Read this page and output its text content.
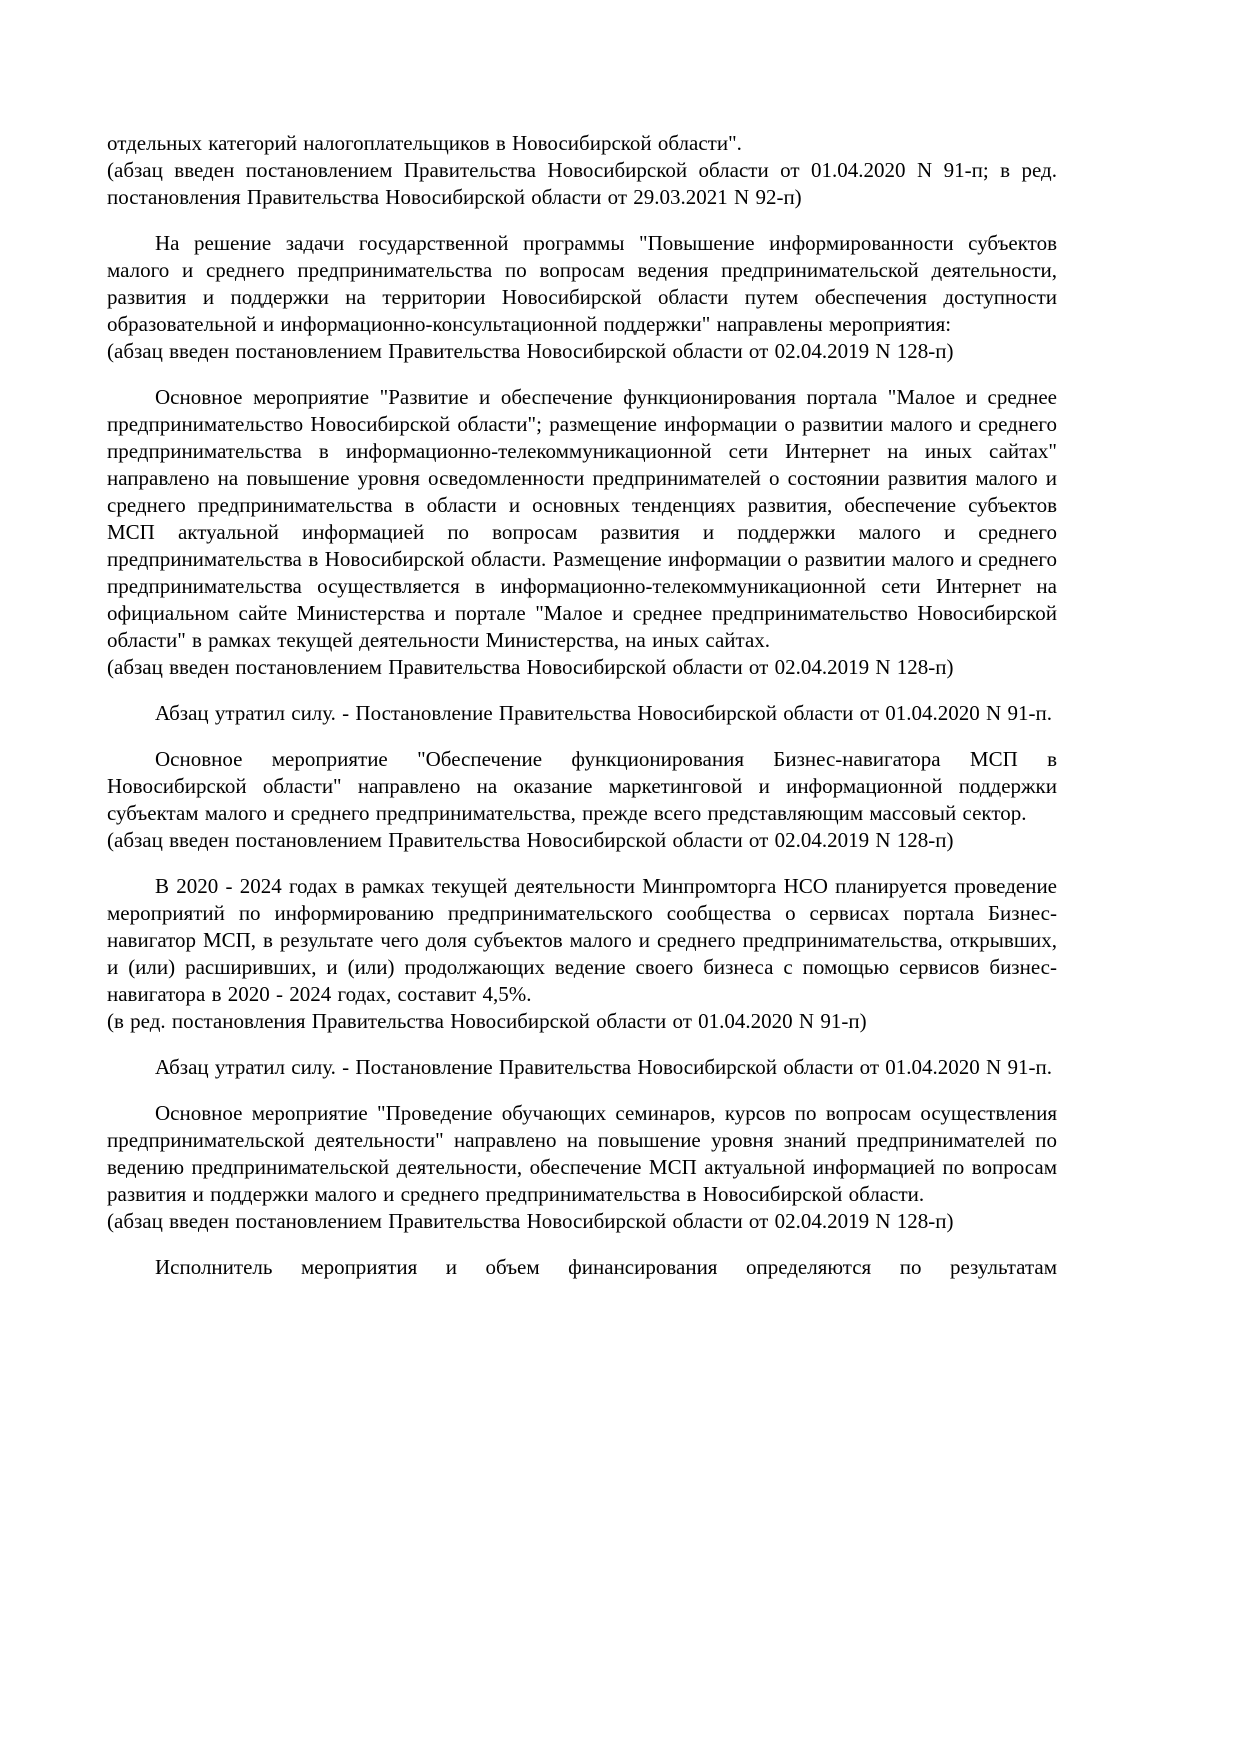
отдельных категорий налогоплательщиков в Новосибирской области".

(абзац введен постановлением Правительства Новосибирской области от 01.04.2020 N 91-п; в ред. постановления Правительства Новосибирской области от 29.03.2021 N 92-п)

На решение задачи государственной программы "Повышение информированности субъектов малого и среднего предпринимательства по вопросам ведения предпринимательской деятельности, развития и поддержки на территории Новосибирской области путем обеспечения доступности образовательной и информационно-консультационной поддержки" направлены мероприятия:

(абзац введен постановлением Правительства Новосибирской области от 02.04.2019 N 128-п)

Основное мероприятие "Развитие и обеспечение функционирования портала "Малое и среднее предпринимательство Новосибирской области"; размещение информации о развитии малого и среднего предпринимательства в информационно-телекоммуникационной сети Интернет на иных сайтах" направлено на повышение уровня осведомленности предпринимателей о состоянии развития малого и среднего предпринимательства в области и основных тенденциях развития, обеспечение субъектов МСП актуальной информацией по вопросам развития и поддержки малого и среднего предпринимательства в Новосибирской области. Размещение информации о развитии малого и среднего предпринимательства осуществляется в информационно-телекоммуникационной сети Интернет на официальном сайте Министерства и портале "Малое и среднее предпринимательство Новосибирской области" в рамках текущей деятельности Министерства, на иных сайтах.

(абзац введен постановлением Правительства Новосибирской области от 02.04.2019 N 128-п)

Абзац утратил силу. - Постановление Правительства Новосибирской области от 01.04.2020 N 91-п.

Основное мероприятие "Обеспечение функционирования Бизнес-навигатора МСП в Новосибирской области" направлено на оказание маркетинговой и информационной поддержки субъектам малого и среднего предпринимательства, прежде всего представляющим массовый сектор.

(абзац введен постановлением Правительства Новосибирской области от 02.04.2019 N 128-п)

В 2020 - 2024 годах в рамках текущей деятельности Минпромторга НСО планируется проведение мероприятий по информированию предпринимательского сообщества о сервисах портала Бизнес-навигатор МСП, в результате чего доля субъектов малого и среднего предпринимательства, открывших, и (или) расширивших, и (или) продолжающих ведение своего бизнеса с помощью сервисов бизнес-навигатора в 2020 - 2024 годах, составит 4,5%.

(в ред. постановления Правительства Новосибирской области от 01.04.2020 N 91-п)

Абзац утратил силу. - Постановление Правительства Новосибирской области от 01.04.2020 N 91-п.

Основное мероприятие "Проведение обучающих семинаров, курсов по вопросам осуществления предпринимательской деятельности" направлено на повышение уровня знаний предпринимателей по ведению предпринимательской деятельности, обеспечение МСП актуальной информацией по вопросам развития и поддержки малого и среднего предпринимательства в Новосибирской области.

(абзац введен постановлением Правительства Новосибирской области от 02.04.2019 N 128-п)

Исполнитель мероприятия и объем финансирования определяются по результатам
